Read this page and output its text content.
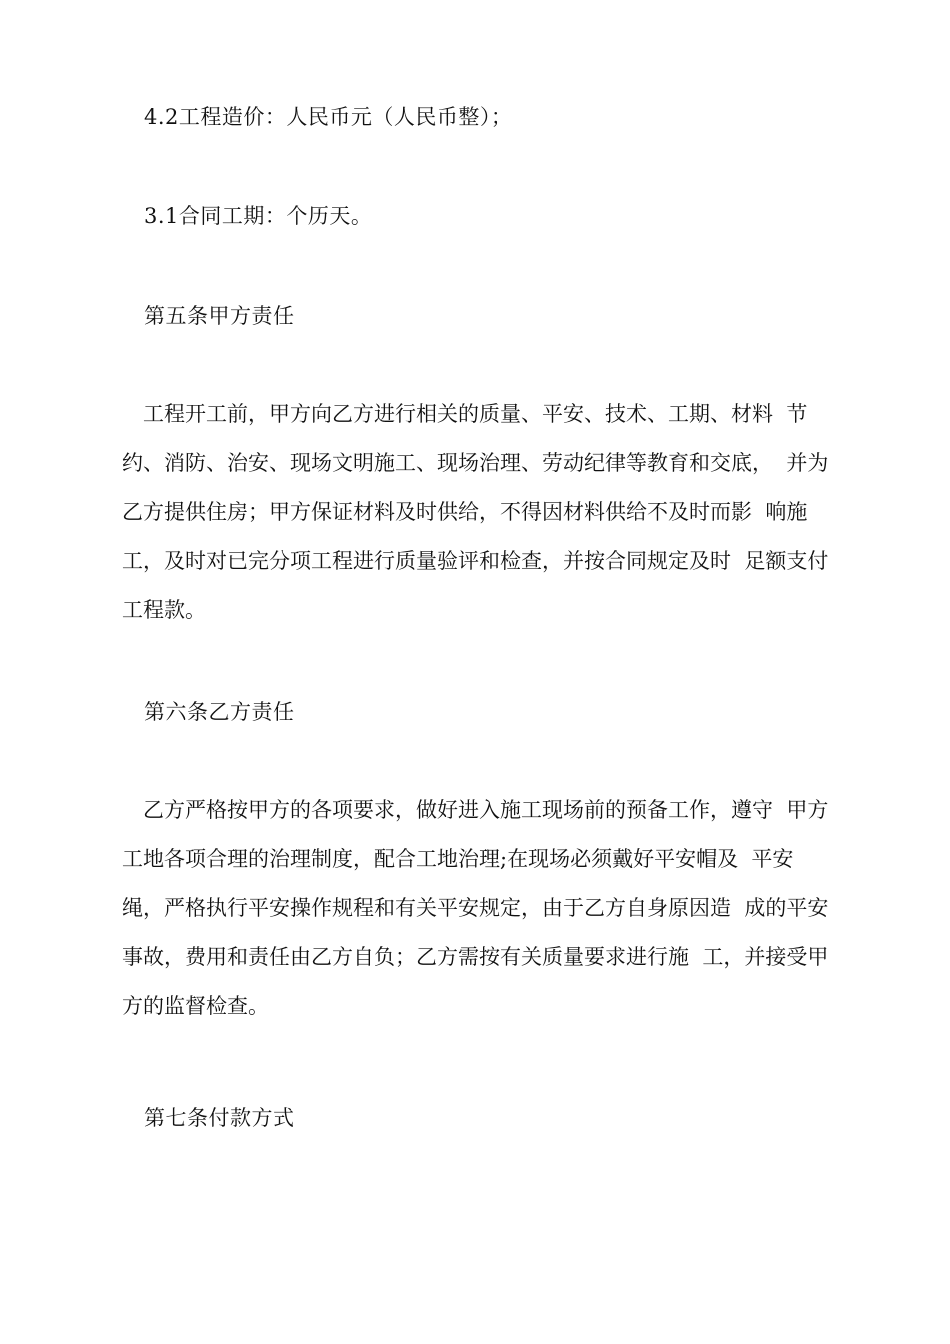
4.2工程造价：人民币元（人民币整）；
3.1合同工期：个历天。
第五条甲方责任
　工程开工前，甲方向乙方进行相关的质量、平安、技术、工期、材料  节
约、消防、治安、现场文明施工、现场治理、劳动纪律等教育和交底，  并为
乙方提供住房；甲方保证材料及时供给，不得因材料供给不及时而影  响施
工，及时对已完分项工程进行质量验评和检查，并按合同规定及时  足额支付
工程款。
第六条乙方责任
　乙方严格按甲方的各项要求，做好进入施工现场前的预备工作，遵守  甲方
工地各项合理的治理制度，配合工地治理;在现场必须戴好平安帽及  平安
绳，严格执行平安操作规程和有关平安规定，由于乙方自身原因造  成的平安
事故，费用和责任由乙方自负；乙方需按有关质量要求进行施  工，并接受甲
方的监督检查。
第七条付款方式
